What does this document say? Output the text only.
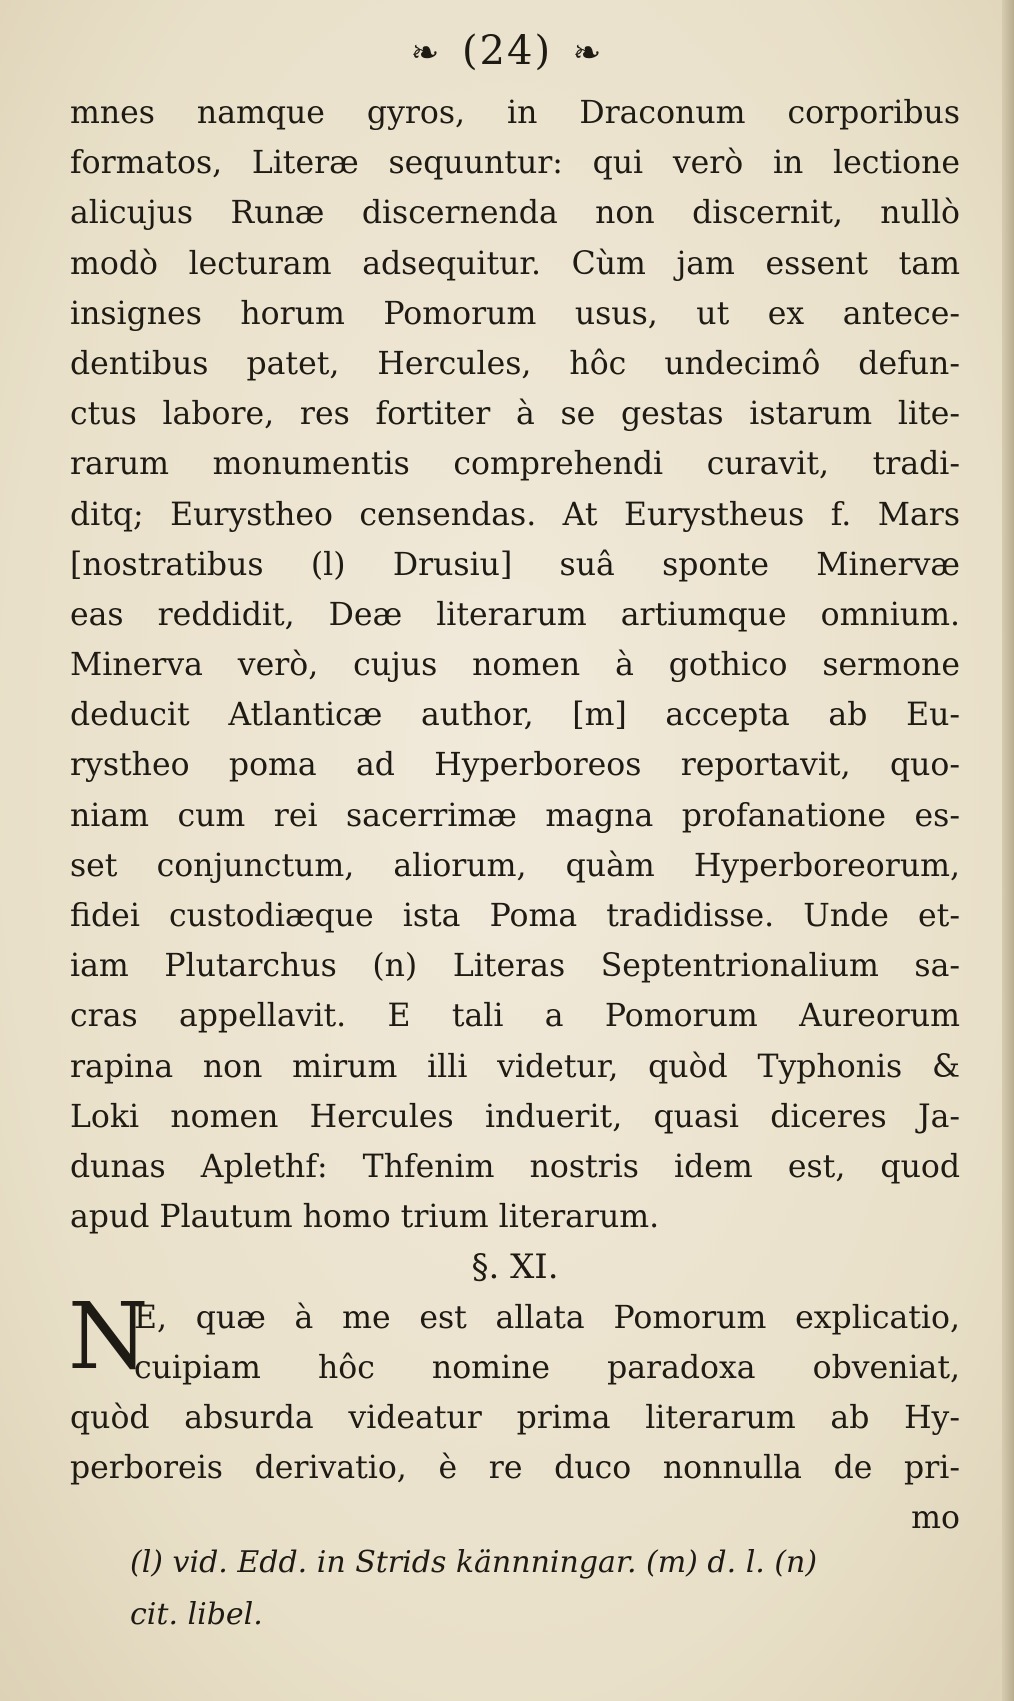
❧ (24) ❧
mnes namque gyros, in Draconum corporibus
formatos, Literæ sequuntur: qui verò in lectione
alicujus Runæ discernenda non discernit, nullò
modò lecturam adsequitur. Cùm jam essent tam
insignes horum Pomorum usus, ut ex antece-
dentibus patet, Hercules, hôc undecimô defun-
ctus labore, res fortiter à se gestas istarum lite-
rarum monumentis comprehendi curavit, tradi-
ditq; Eurystheo censendas. At Eurystheus f. Mars
[nostratibus (l) Drusiu] suâ sponte Minervæ
eas reddidit, Deæ literarum artiumque omnium.
Minerva verò, cujus nomen à gothico sermone
deducit Atlanticæ author, [m] accepta ab Eu-
rystheo poma ad Hyperboreos reportavit, quo-
niam cum rei sacerrimæ magna profanatione es-
set conjunctum, aliorum, quàm Hyperboreorum,
fidei custodiæque ista Poma tradidisse. Unde et-
iam Plutarchus (n) Literas Septentrionalium sa-
cras appellavit. E tali a Pomorum Aureorum
rapina non mirum illi videtur, quòd Typhonis &
Loki nomen Hercules induerit, quasi diceres Ja-
dunas Aplethf: Thfenim nostris idem est, quod
apud Plautum homo trium literarum.
§. XI.
N
E, quæ à me est allata Pomorum explicatio,
cuipiam hôc nomine paradoxa obveniat,
quòd absurda videatur prima literarum ab Hy-
perboreis derivatio, è re duco nonnulla de pri-
mo
(l) vid. Edd. in Strids kännningar. (m) d. l. (n)
cit. libel.
